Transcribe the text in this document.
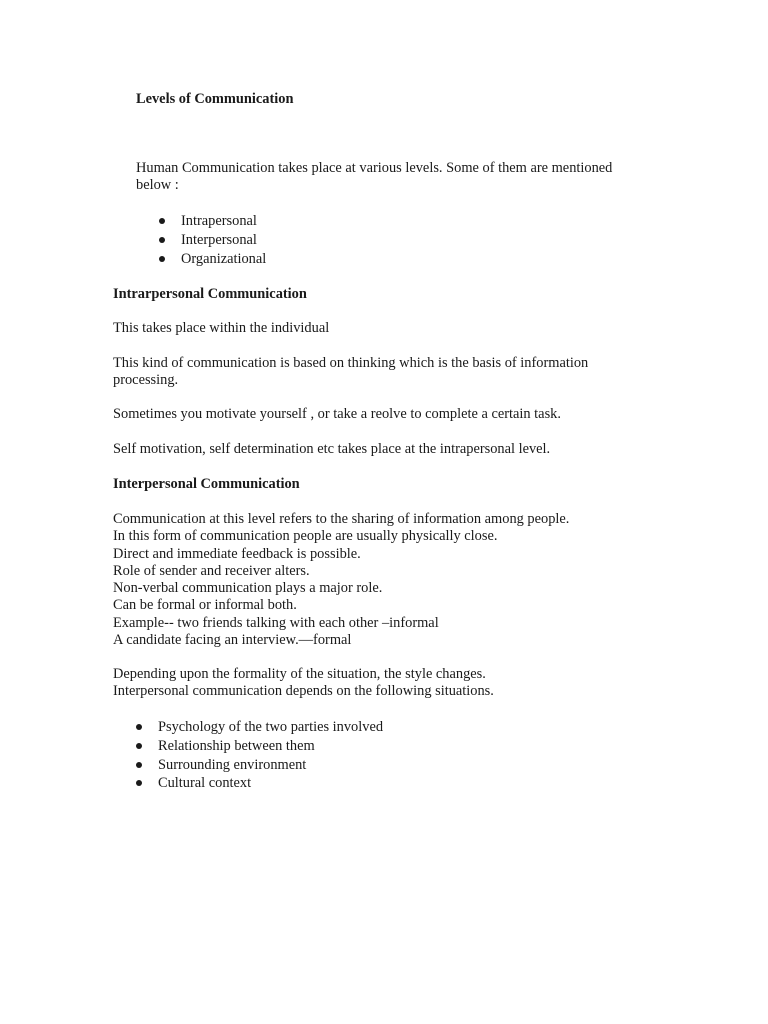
Levels of Communication
Human Communication takes place at various levels. Some of them are mentioned
below :
Intrapersonal
Interpersonal
Organizational
Intrarpersonal Communication
This takes place within the individual
This kind of communication is based on thinking which is the basis of information
processing.
Sometimes you motivate yourself , or take a reolve to complete a certain task.
Self motivation, self determination etc takes place at the intrapersonal level.
Interpersonal Communication
Communication at this level refers to the sharing of information among people.
In this form of communication people are usually physically close.
Direct and immediate feedback is possible.
Role of sender and receiver alters.
Non-verbal communication plays a major role.
Can be formal or informal both.
Example-- two friends talking with each other –informal
A candidate facing an interview.—formal
Depending upon the formality of the situation, the style changes.
Interpersonal communication depends on the following situations.
Psychology of the two parties involved
Relationship between them
Surrounding environment
Cultural context
